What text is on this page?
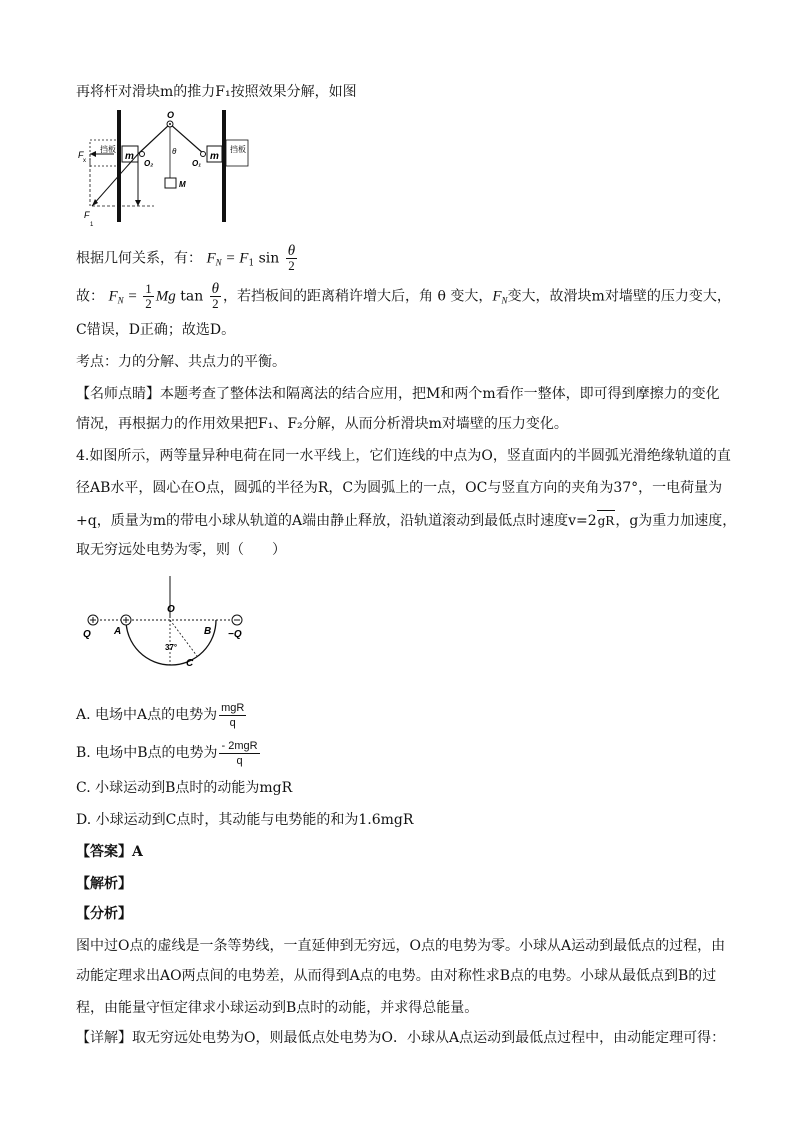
再将杆对滑块m的推力F₁按照效果分解，如图
挡板	挡板
m	m
O
O₂	O₁
θ
M
F
x
F
1
根据几何关系，有： $F_N = F_1$ $\sin \frac{\theta}{2}$
故： $F_N = \frac{1}{2}$ Mg $\tan \frac{\theta}{2}$ ，若挡板间的距离稍许增大后，角 θ 变大，$F_N$变大，故滑块m对墙壁的压力变大，
C错误，D正确；故选D。
考点：力的分解、共点力的平衡。
【名师点睛】本题考查了整体法和隔离法的结合应用，把M和两个m看作一整体，即可得到摩擦力的变化
情况，再根据力的作用效果把F₁、F₂分解，从而分析滑块m对墙壁的压力变化。
4.如图所示，两等量异种电荷在同一水平线上，它们连线的中点为O，竖直面内的半圆弧光滑绝缘轨道的直
径AB水平，圆心在O点，圆弧的半径为R，C为圆弧上的一点，OC与竖直方向的夹角为37°，一电荷量为
+q，质量为m的带电小球从轨道的A端由静止释放，沿轨道滚动到最低点时速度v=2gR，g为重力加速度，
取无穷远处电势为零，则（　　）
O
A	B
C
Q	−Q
37°
A. 电场中A点的电势为 $\frac{\text{mgR}}{q}$
B. 电场中B点的电势为 $\frac{\text{- 2mgR}}{q}$
C. 小球运动到B点时的动能为mgR
D. 小球运动到C点时，其动能与电势能的和为1.6mgR
【答案】A
【解析】
【分析】
图中过O点的虚线是一条等势线，一直延伸到无穷远，O点的电势为零。小球从A运动到最低点的过程，由
动能定理求出AO两点间的电势差，从而得到A点的电势。由对称性求B点的电势。小球从最低点到B的过
程，由能量守恒定律求小球运动到B点时的动能，并求得总能量。
【详解】取无穷远处电势为O，则最低点处电势为O．小球从A点运动到最低点过程中，由动能定理可得：
